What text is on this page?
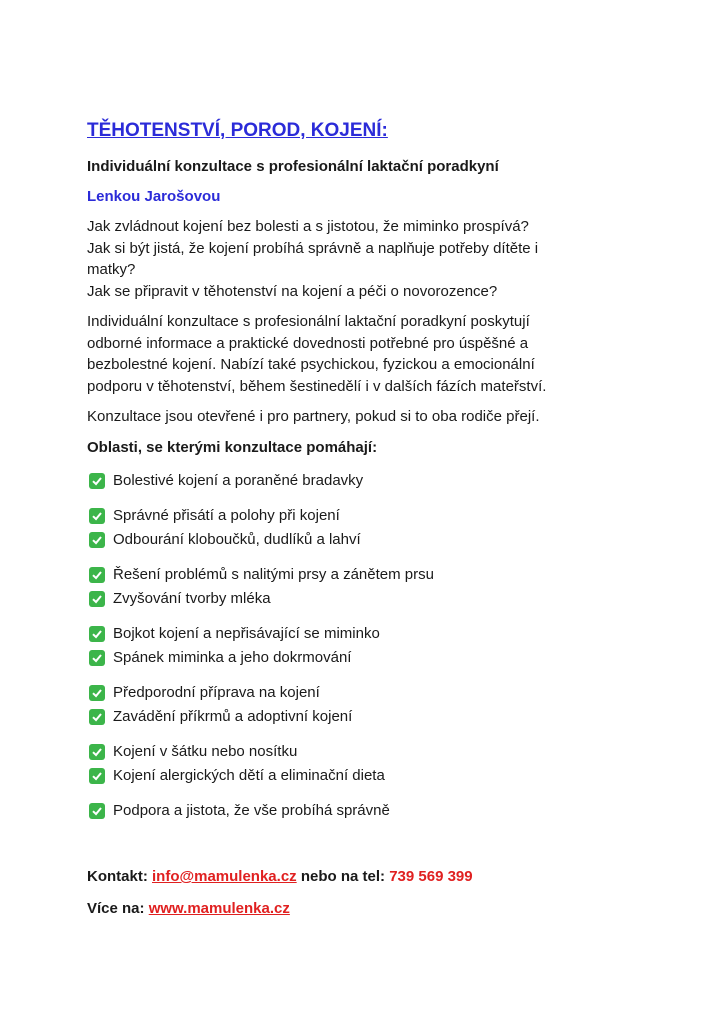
TĚHOTENSTVÍ, POROD, KOJENÍ:
Individuální konzultace s profesionální laktační poradkyní
Lenkou Jarošovou
Jak zvládnout kojení bez bolesti a s jistotou, že miminko prospívá?
Jak si být jistá, že kojení probíhá správně a naplňuje potřeby dítěte i
matky?
Jak se připravit v těhotenství na kojení a péči o novorozence?
Individuální konzultace s profesionální laktační poradkyní poskytují
odborné informace a praktické dovednosti potřebné pro úspěšné a
bezbolestné kojení. Nabízí také psychickou, fyzickou a emocionální
podporu v těhotenství, během šestinedělí i v dalších fázích mateřství.
Konzultace jsou otevřené i pro partnery, pokud si to oba rodiče přejí.
Oblasti, se kterými konzultace pomáhají:
Bolestivé kojení a poraněné bradavky
Správné přisátí a polohy při kojení
Odbourání kloboučků, dudlíků a lahví
Řešení problémů s nalitými prsy a zánětem prsu
Zvyšování tvorby mléka
Bojkot kojení a nepřisávající se miminko
Spánek miminka a jeho dokrmování
Předporodní příprava na kojení
Zavádění příkrmů a adoptivní kojení
Kojení v šátku nebo nosítku
Kojení alergických dětí a eliminační dieta
Podpora a jistota, že vše probíhá správně
Kontakt: info@mamulenka.cz nebo na tel: 739 569 399
Více na: www.mamulenka.cz
